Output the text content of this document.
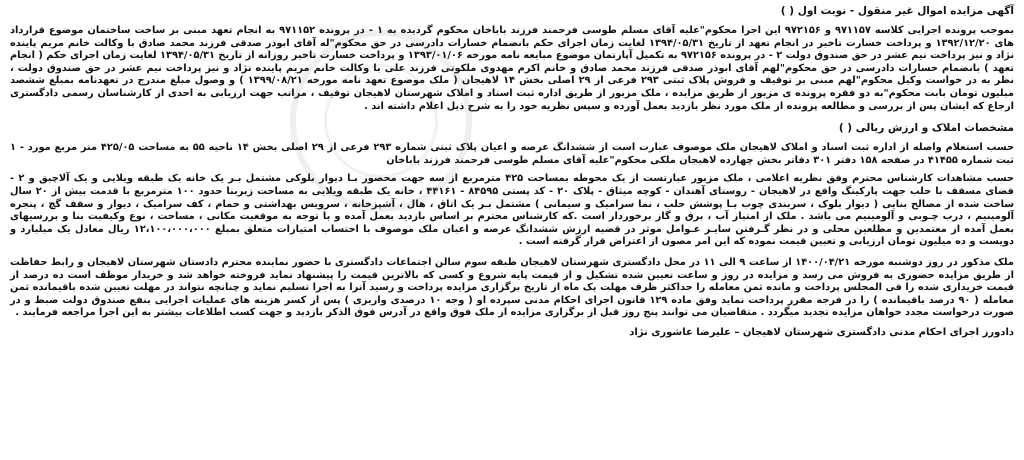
آگهی مزایده اموال غیر منقول - نوبت اول ( )

بموجب پرونده اجرایی کلاسه ۹۷۱۱۵۷ و ۹۷۲۱۵۶ این اجرا محکوم"علیه آقای مسلم طوسی فرحمند فرزند باباخان محکوم گردیده به ۱ - در پرونده ۹۷۱۱۵۲ به انجام تعهد مبنی بر ساخت ساختمان موضوع قرارداد های ۱۳۹۲/۱۲/۲۰ و پرداخت خسارت تاخیر در انجام تعهد از تاریخ ۱۳۹۴/۰۵/۳۱ لغایت زمان اجرای حکم بانضمام خسارات دادرسی در حق محکوم"له آقای ابوذر صدقی فرزند محمد صادق با وکالت خانم مریم پاینده نژاد و نیز پرداخت نیم عشر در حق صندوق دولت ۲ - در پرونده ۹۷۲۱۵۶ به تکمیل آپارتمان موضوع مبایعه نامه مورخه ۱۳۹۳/۰۱/۰۶ و پرداخت خسارت تاخیر روزانه از تاریخ ۱۳۹۴/۰۵/۳۱ لغایت زمان اجرای حکم ( انجام تعهد ) بانضمام خسارات دادرسی در حق محکوم"لهم آقای ابوذر صدقی فرزند محمد صادق و خانم اکرم مهدوی ملکوتی فرزند علی با وکالت خانم مریم پاینده نژاد و نیز پرداخت نیم عشر در حق صندوق دولت ، نظر به در خواست وکیل محکوم"لهم مبنی بر توقیف و فروش پلاک ثبتی ۲۹۳ فرعی از ۲۹ اصلی بخش ۱۴ لاهیجان ( ملک موضوع تعهد نامه مورخه ۱۳۹۹/۰۸/۲۱ ) و وصول مبلغ مندرج در تعهدنامه بمبلغ ششصد میلیون تومان بابت محکوم"به دو فقره پرونده ی مزبور از طریق مزایده ، ملک مزبور از طریق اداره ثبت اسناد و املاک شهرستان لاهیجان توقیف ، مراتب جهت ارزیابی به احدی از کارشناسان رسمی دادگستری ارجاع که ایشان پس از بررسی و مطالعه پرونده از ملک مورد نظر بازدید بعمل آورده و سپس نظریه خود را به شرح ذیل اعلام داشته اند .

مشخصات املاک و ارزش ریالی ( )

حسب استعلام واصله از اداره ثبت اسناد و املاک لاهیجان ملک موصوف عبارت است از ششدانگ عرصه و اعیان پلاک ثبتی شماره ۲۹۳ فرعی از ۲۹ اصلی بخش ۱۴ ناحیه ۵۵ به مساحت ۴۲۵/۰۵ متر مربع مورد - ۱ ثبت شماره ۴۱۴۵۵ در صفحه ۱۵۸ دفتر ۳۰۱ دفاتر بخش چهارده لاهیجان ملکی محکوم"علیه آقای مسلم طوسی فرحمند فرزند باباخان

حسب مشاهدات کارشناس محترم وفق نظریه اعلامی ، ملک مزبور عبارتست از یک محوطه بمساحت ۴۲۵ مترمربع از سه جهت محصور بـا دیوار بلوکی مشتمل بـر یک خانه یک طبقه ویلایی و یک آلاچیق و ۲ - فضای مسقف با حلب جهت پارکینگ واقع در لاهیجان - روستای آهندان - کوچه میثاق - پلاک ۲۰ - کد پستی ۸۴۵۹۵ - ۴۴۱۶۱ ، خانه یک طبقه ویلایی به مساحت زیربنا حدود ۱۰۰ مترمربع با قدمت بیش از ۲۰ سال ساخت شده از مصالح بنایی ( دیوار بلوک ، سربندی چوب بـا پوشش حلب ، نما سرامیک و سیمانی ) مشتمل بـر یک اتاق ، هال ، آشپزخانه ، سرویس بهداشتی و حمام ، کف سرامیک ، دیوار و سقف گچ ، پنجره آلومینیم ، درب چـوبی و آلومینیم می باشد . ملک از امتیاز آب ، برق و گاز برخوردار است .که کارشناس محترم بر اساس بازدید بعمل آمده و با توجه به موقعیت مکانی ، مساحت ، نوع وکیفیت بنا و بررسیهای بعمل آمده از معتمدین و مطلعین محلی و در نظر گـرفتن سایـر عـوامل موثر در قضیه ارزش ششدانگ عرصه و اعیان ملک موصوف با احتساب امتیازات متعلق بمبلغ ۱۲،۱۰۰،۰۰۰،۰۰۰ ریال معادل یک میلیارد و دویست و ده میلیون تومان ارزیابی و تعیین قیمت نموده که این امر مصون از اعتراض قرار گرفته است .

ملک مذکور در روز دوشنبه مورخه ۱۴۰۰/۰۴/۲۱ از ساعت ۹ الی ۱۱ در محل دادگستری شهرستان لاهیجان طبقه سوم سالن اجتماعات دادگستری با حضور نماینده محترم دادستان شهرستان لاهیجان و رابط حفاظت از طریق مزایده حضوری به فروش می رسد و مزایده در روز و ساعت تعیین شده تشکیل و از قیمت پایه شروع و کسی که بالاترین قیمت را پیشنهاد نماید فروخته خواهد شد و خریدار موظف است ده درصد از قیمت خریداری شده را فی المجلس پرداخت و مانده ثمن معامله را حداکثر ظرف مهلت یک ماه از تاریخ برگزاری مزایده پرداخت و رسید آنرا به اجرا تسلیم نماید و چنانچه نتواند در مهلت تعیین شده باقیمانده ثمن معامله ( ۹۰ درصد باقیمانده ) را در فرجه مقرر پرداخت نماید وفق ماده ۱۲۹ قانون اجرای احکام مدنی سپرده او ( وجه ۱۰ درصدی واریزی ) پس از کسر هزینه های عملیات اجرایی بنفع صندوق دولت ضبط و در صورت درخواست مجدد خواهان مزایده تجدید میگردد . متقاضیان می توانند پنج روز قبل از برگزاری مزایده از ملک فوق واقع در آدرس فوق الذکر بازدید و جهت کسب اطلاعات بیشتر به این اجرا مراجعه فرمایند .

دادورز اجرای احکام مدنی دادگستری شهرستان لاهیجان – علیرضا عاشوری نژاد
